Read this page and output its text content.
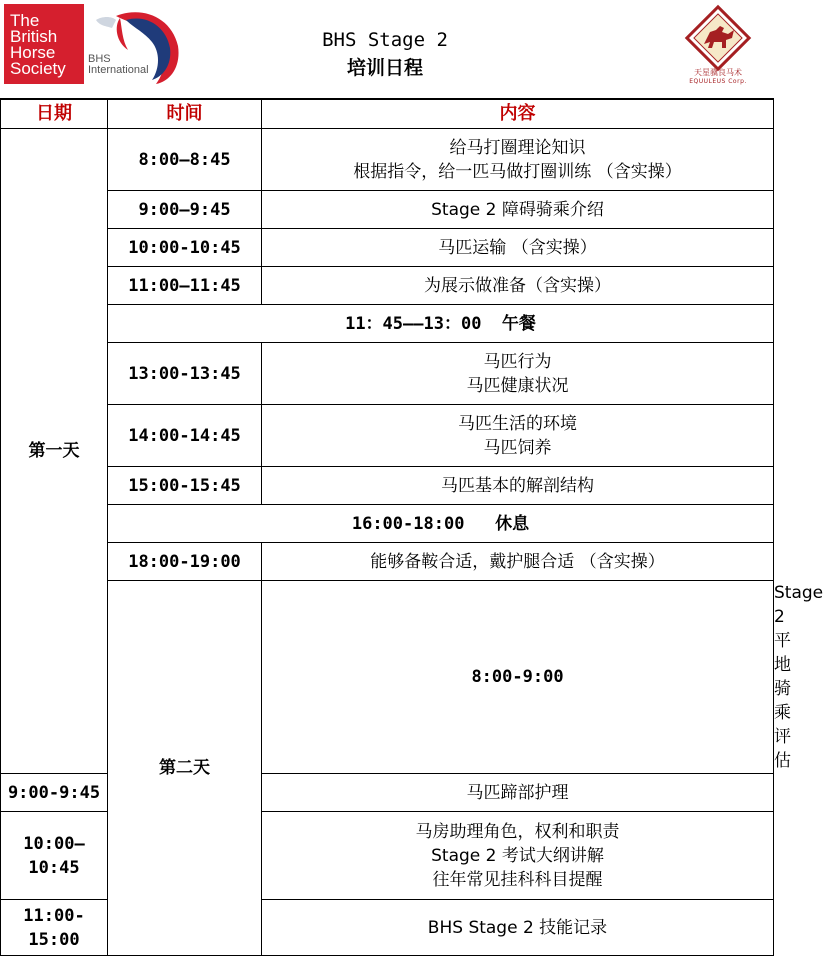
The
British
Horse
Society	BHS
International
BHS Stage 2
培训日程	天星骥良马术
EQUULEUS Corp.
日期	时间	内容	
第一天	8:00—8:45	给马打圈理论知识
根据指令，给一匹马做打圈训练 （含实操）	

	9:00—9:45	Stage 2 障碍骑乘介绍	

	10:00-10:45	马匹运输 （含实操）	

	11:00—11:45	为展示做准备（含实操）	

	11：45——13：00 午餐		
	13:00-13:45	马匹行为
马匹健康状况	

	14:00-14:45	马匹生活的环境
马匹饲养	

	15:00-15:45	马匹基本的解剖结构	

	16:00-18:00 休息		
	18:00-19:00	能够备鞍合适，戴护腿合适 （含实操）	

	第二天	8:00-9:00	Stage 2 平地骑乘评估

9:00-9:45		马匹蹄部护理	

10:00—10:45		马房助理角色，权利和职责
Stage 2 考试大纲讲解
往年常见挂科科目提醒	

11:00-15:00		BHS Stage 2 技能记录	
